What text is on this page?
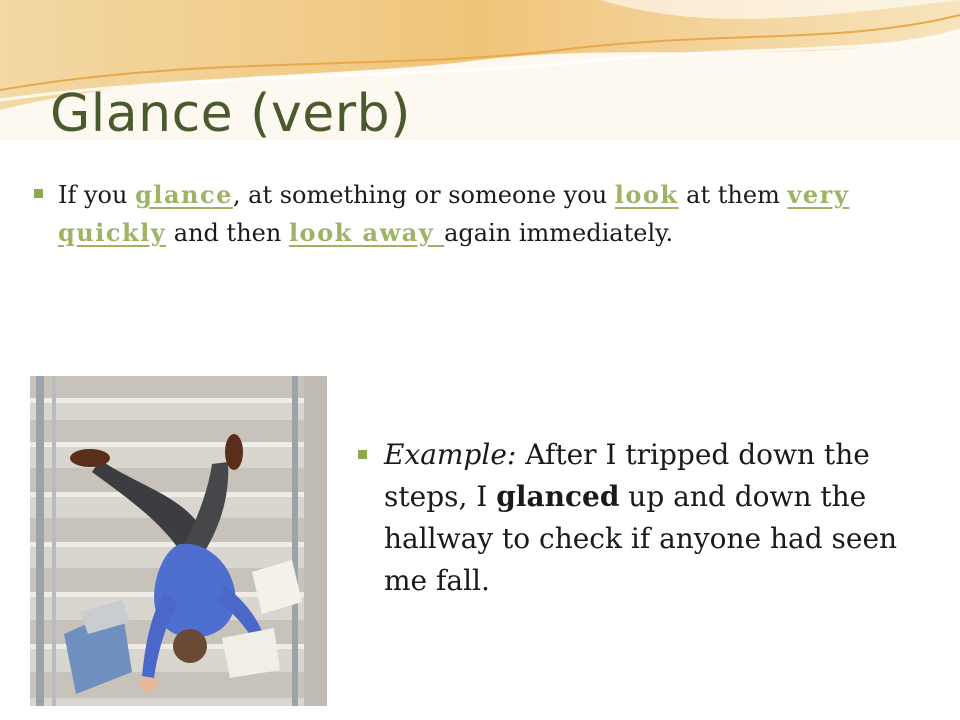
Glance (verb)
If you glance, at something or someone you look at them very quickly and then look away again immediately.
Example: After I tripped down the steps, I glanced up and down the hallway to check if anyone had seen me fall.
